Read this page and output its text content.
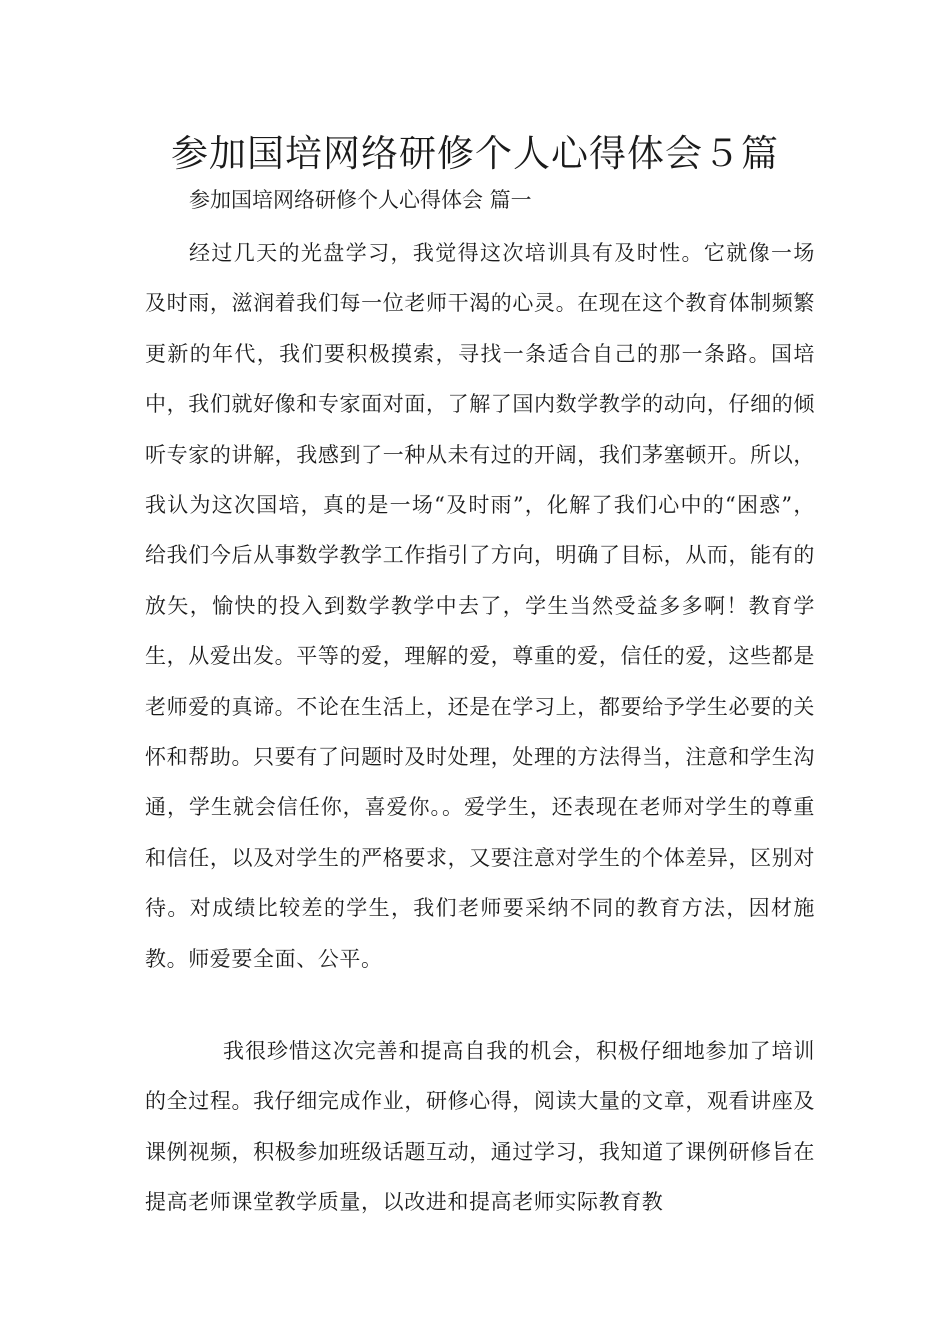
参加国培网络研修个人心得体会５篇

参加国培网络研修个人心得体会 篇一

经过几天的光盘学习，我觉得这次培训具有及时性。它就像一场及时雨，滋润着我们每一位老师干渴的心灵。在现在这个教育体制频繁更新的年代，我们要积极摸索，寻找一条适合自己的那一条路。国培中，我们就好像和专家面对面，了解了国内数学教学的动向，仔细的倾听专家的讲解，我感到了一种从未有过的开阔，我们茅塞顿开。所以，我认为这次国培，真的是一场“及时雨”，化解了我们心中的“困惑”，给我们今后从事数学教学工作指引了方向，明确了目标，从而，能有的放矢，愉快的投入到数学教学中去了，学生当然受益多多啊！教育学生，从爱出发。平等的爱，理解的爱，尊重的爱，信任的爱，这些都是老师爱的真谛。不论在生活上，还是在学习上，都要给予学生必要的关怀和帮助。只要有了问题时及时处理，处理的方法得当，注意和学生沟通，学生就会信任你，喜爱你。。爱学生，还表现在老师对学生的尊重和信任，以及对学生的严格要求，又要注意对学生的个体差异，区别对待。对成绩比较差的学生，我们老师要采纳不同的教育方法，因材施教。师爱要全面、公平。

我很珍惜这次完善和提高自我的机会，积极仔细地参加了培训的全过程。我仔细完成作业，研修心得，阅读大量的文章，观看讲座及课例视频，积极参加班级话题互动，通过学习，我知道了课例研修旨在提高老师课堂教学质量，以改进和提高老师实际教育教
